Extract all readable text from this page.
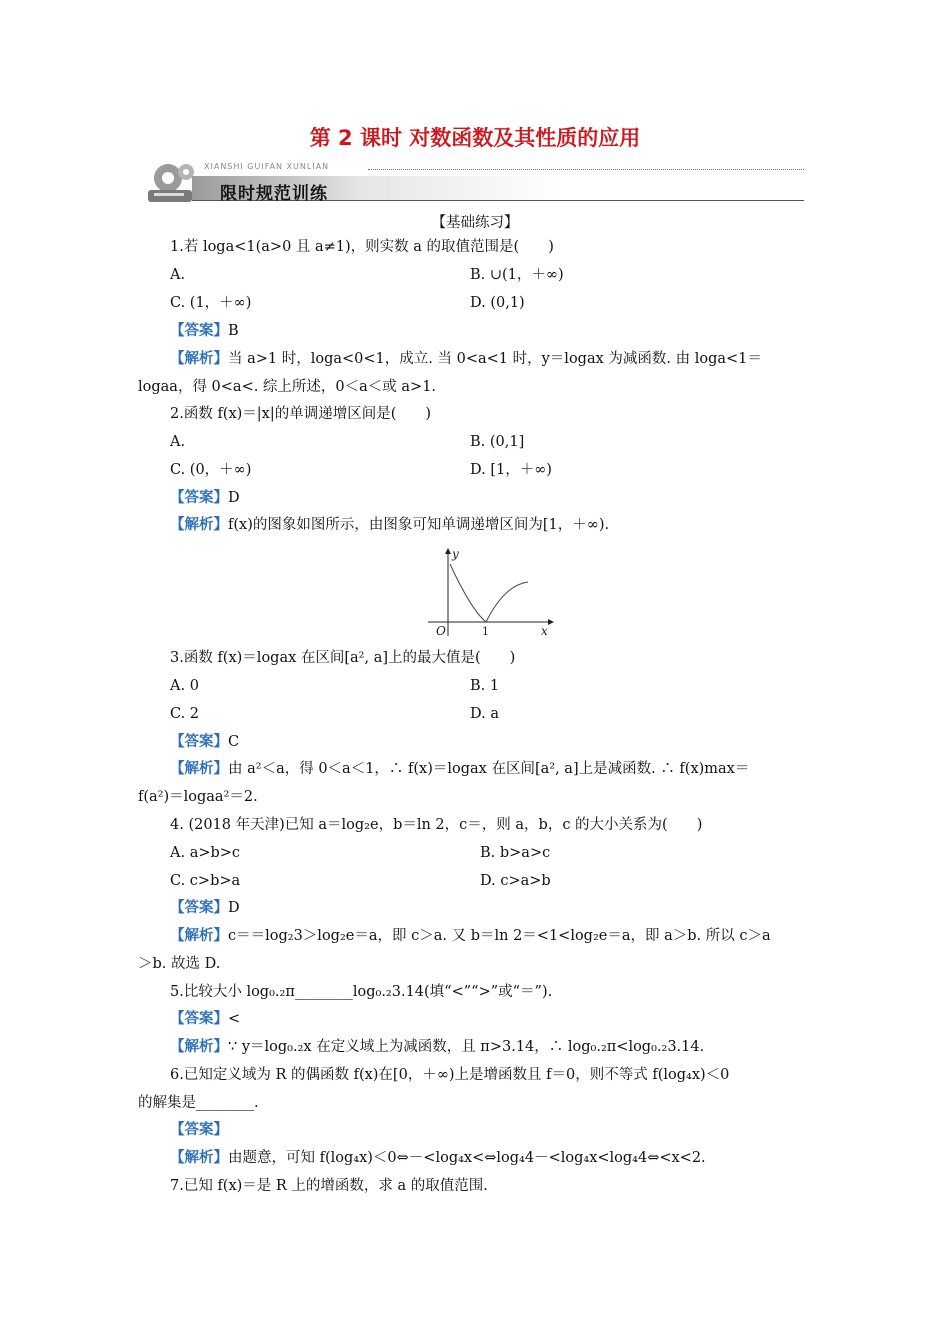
第 2 课时 对数函数及其性质的应用
XIANSHI GUIFAN XUNLIAN
限时规范训练
【基础练习】
1.若 loga<1(a>0 且 a≠1)，则实数 a 的取值范围是(　　)
A.	B. ∪(1，＋∞)
C. (1，＋∞)	D. (0,1)
【答案】B
【解析】当 a>1 时，loga<0<1，成立. 当 0<a<1 时，y＝logax 为减函数. 由 loga<1＝
logaa，得 0<a<. 综上所述，0＜a＜或 a>1.
2.函数 f(x)＝|x|的单调递增区间是(　　)
A.	B. (0,1]
C. (0，＋∞)	D. [1，＋∞)
【答案】D
【解析】f(x)的图象如图所示，由图象可知单调递增区间为[1，＋∞).
y
x
O	1
3.函数 f(x)＝logax 在区间[a², a]上的最大值是(　　)
A. 0	B. 1
C. 2	D. a
【答案】C
【解析】由 a²＜a，得 0＜a＜1，∴ f(x)＝logax 在区间[a², a]上是减函数. ∴ f(x)max＝
f(a²)＝logaa²＝2.
4. (2018 年天津)已知 a＝log₂e，b＝ln 2，c＝，则 a，b，c 的大小关系为(　　)
A. a>b>c	B. b>a>c
C. c>b>a	D. c>a>b
【答案】D
【解析】c＝＝log₂3＞log₂e＝a，即 c＞a. 又 b＝ln 2＝<1<log₂e＝a，即 a＞b. 所以 c＞a
＞b. 故选 D.
5.比较大小 log₀.₂π________log₀.₂3.14(填“<”“>”或“＝”).
【答案】<
【解析】∵ y＝log₀.₂x 在定义域上为减函数，且 π>3.14，∴ log₀.₂π<log₀.₂3.14.
6.已知定义域为 R 的偶函数 f(x)在[0，＋∞)上是增函数且 f＝0，则不等式 f(log₄x)＜0
的解集是________.
【答案】
【解析】由题意，可知 f(log₄x)＜0⇔－<log₄x<⇔log₄4－<log₄x<log₄4⇔<x<2.
7.已知 f(x)＝是 R 上的增函数，求 a 的取值范围.
